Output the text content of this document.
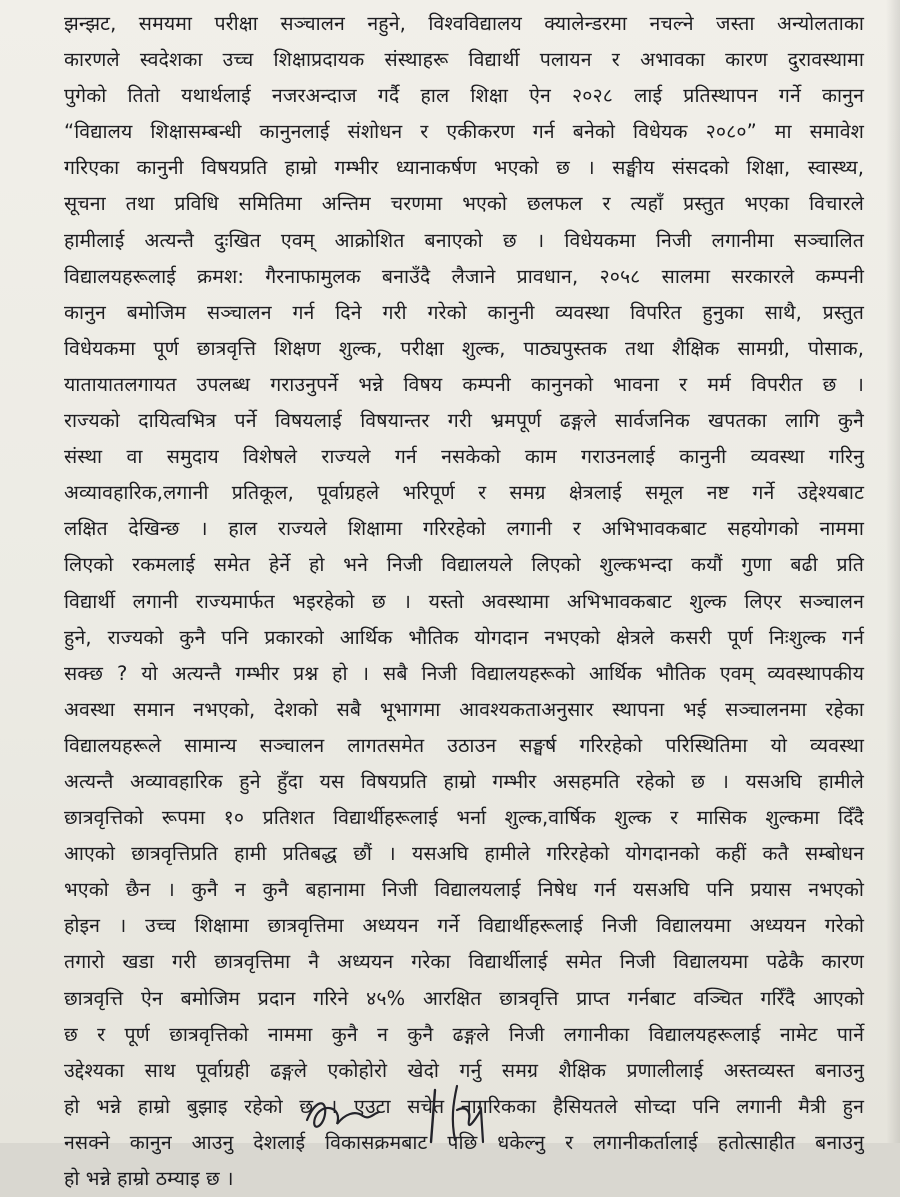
झन्झट, समयमा परीक्षा सञ्चालन नहुने, विश्वविद्यालय क्यालेन्डरमा नचल्ने जस्ता अन्योलताका
कारणले स्वदेशका उच्च शिक्षाप्रदायक संस्थाहरू विद्यार्थी पलायन र अभावका कारण दुरावस्थामा
पुगेको तितो यथार्थलाई नजरअन्दाज गर्दै हाल शिक्षा ऐन २०२८ लाई प्रतिस्थापन गर्ने कानुन
“विद्यालय शिक्षासम्बन्धी कानुनलाई संशोधन र एकीकरण गर्न बनेको विधेयक २०८०” मा समावेश
गरिएका कानुनी विषयप्रति हाम्रो गम्भीर ध्यानाकर्षण भएको छ । सङ्घीय संसदको शिक्षा, स्वास्थ्य,
सूचना तथा प्रविधि समितिमा अन्तिम चरणमा भएको छलफल र त्यहाँ प्रस्तुत भएका विचारले
हामीलाई अत्यन्तै दुःखित एवम् आक्रोशित बनाएको छ । विधेयकमा निजी लगानीमा सञ्चालित
विद्यालयहरूलाई क्रमश: गैरनाफामुलक बनाउँदै लैजाने प्रावधान, २०५८ सालमा सरकारले कम्पनी
कानुन बमोजिम सञ्चालन गर्न दिने गरी गरेको कानुनी व्यवस्था विपरित हुनुका साथै, प्रस्तुत
विधेयकमा पूर्ण छात्रवृत्ति शिक्षण शुल्क, परीक्षा शुल्क, पाठ्यपुस्तक तथा शैक्षिक सामग्री, पोसाक,
यातायातलगायत उपलब्ध गराउनुपर्ने भन्ने विषय कम्पनी कानुनको भावना र मर्म विपरीत छ ।
राज्यको दायित्वभित्र पर्ने विषयलाई विषयान्तर गरी भ्रमपूर्ण ढङ्गले सार्वजनिक खपतका लागि कुनै
संस्था वा समुदाय विशेषले राज्यले गर्न नसकेको काम गराउनलाई कानुनी व्यवस्था गरिनु
अव्यावहारिक,लगानी प्रतिकूल, पूर्वाग्रहले भरिपूर्ण र समग्र क्षेत्रलाई समूल नष्ट गर्ने उद्देश्यबाट
लक्षित देखिन्छ । हाल राज्यले शिक्षामा गरिरहेको लगानी र अभिभावकबाट सहयोगको नाममा
लिएको रकमलाई समेत हेर्ने हो भने निजी विद्यालयले लिएको शुल्कभन्दा कयौं गुणा बढी प्रति
विद्यार्थी लगानी राज्यमार्फत भइरहेको छ । यस्तो अवस्थामा अभिभावकबाट शुल्क लिएर सञ्चालन
हुने, राज्यको कुनै पनि प्रकारको आर्थिक भौतिक योगदान नभएको क्षेत्रले कसरी पूर्ण निःशुल्क गर्न
सक्छ ? यो अत्यन्तै गम्भीर प्रश्न हो । सबै निजी विद्यालयहरूको आर्थिक भौतिक एवम् व्यवस्थापकीय
अवस्था समान नभएको, देशको सबै भूभागमा आवश्यकताअनुसार स्थापना भई सञ्चालनमा रहेका
विद्यालयहरूले सामान्य सञ्चालन लागतसमेत उठाउन सङ्घर्ष गरिरहेको परिस्थितिमा यो व्यवस्था
अत्यन्तै अव्यावहारिक हुने हुँदा यस विषयप्रति हाम्रो गम्भीर असहमति रहेको छ । यसअघि हामीले
छात्रवृत्तिको रूपमा १० प्रतिशत विद्यार्थीहरूलाई भर्ना शुल्क,वार्षिक शुल्क र मासिक शुल्कमा दिँदै
आएको छात्रवृत्तिप्रति हामी प्रतिबद्ध छौं । यसअघि हामीले गरिरहेको योगदानको कहीं कतै सम्बोधन
भएको छैन । कुनै न कुनै बहानामा निजी विद्यालयलाई निषेध गर्न यसअघि पनि प्रयास नभएको
होइन । उच्च शिक्षामा छात्रवृत्तिमा अध्ययन गर्ने विद्यार्थीहरूलाई निजी विद्यालयमा अध्ययन गरेको
तगारो खडा गरी छात्रवृत्तिमा नै अध्ययन गरेका विद्यार्थीलाई समेत निजी विद्यालयमा पढेकै कारण
छात्रवृत्ति ऐन बमोजिम प्रदान गरिने ४५% आरक्षित छात्रवृत्ति प्राप्त गर्नबाट वञ्चित गरिँदै आएको
छ र पूर्ण छात्रवृत्तिको नाममा कुनै न कुनै ढङ्गले निजी लगानीका विद्यालयहरूलाई नामेट पार्ने
उद्देश्यका साथ पूर्वाग्रही ढङ्गले एकोहोरो खेदो गर्नु समग्र शैक्षिक प्रणालीलाई अस्तव्यस्त बनाउनु
हो भन्ने हाम्रो बुझाइ रहेको छ । एउटा सचेत नागरिकका हैसियतले सोच्दा पनि लगानी मैत्री हुन
नसक्ने कानुन आउनु देशलाई विकासक्रमबाट पछि धकेल्नु र लगानीकर्तालाई हतोत्साहीत बनाउनु
हो भन्ने हाम्रो ठम्याइ छ ।
